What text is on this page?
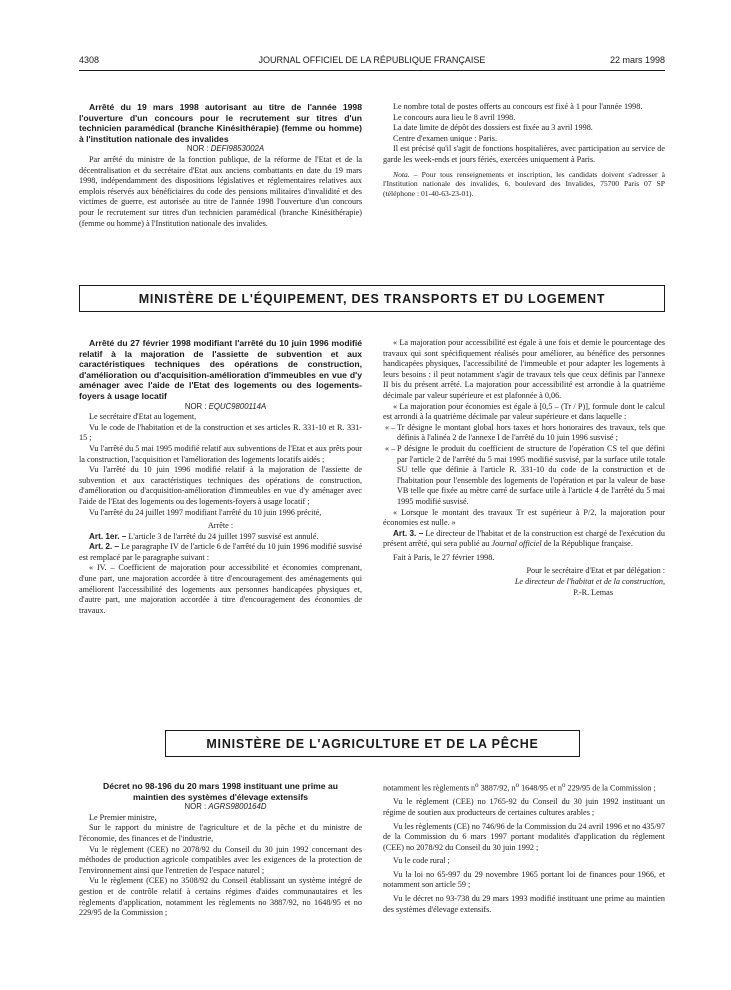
4308	JOURNAL OFFICIEL DE LA RÉPUBLIQUE FRANÇAISE	22 mars 1998

Arrêté du 19 mars 1998 autorisant au titre de l'année 1998 l'ouverture d'un concours pour le recrutement sur titres d'un technicien paramédical (branche Kinésithérapie) (femme ou homme) à l'institution nationale des invalides

NOR : DEFI9853002A

Par arrêté du ministre de la fonction publique, de la réforme de l'Etat et de la décentralisation et du secrétaire d'Etat aux anciens combattants en date du 19 mars 1998, indépendamment des dispositions législatives et réglementaires relatives aux emplois réservés aux bénéficiaires du code des pensions militaires d'invalidité et des victimes de guerre, est autorisée au titre de l'année 1998 l'ouverture d'un concours pour le recrutement sur titres d'un technicien paramédical (branche Kinésithérapie) (femme ou homme) à l'Institution nationale des invalides.

Le nombre total de postes offerts au concours est fixé à 1 pour l'année 1998.

Le concours aura lieu le 8 avril 1998.

La date limite de dépôt des dossiers est fixée au 3 avril 1998.

Centre d'examen unique : Paris.

Il est précisé qu'il s'agit de fonctions hospitalières, avec participation au service de garde les week-ends et jours fériés, exercées uniquement à Paris.

Nota. – Pour tous renseignements et inscription, les candidats doivent s'adresser à l'Institution nationale des invalides, 6, boulevard des Invalides, 75700 Paris 07 SP (téléphone : 01-40-63-23-01).

MINISTÈRE DE L'ÉQUIPEMENT, DES TRANSPORTS ET DU LOGEMENT

Arrêté du 27 février 1998 modifiant l'arrêté du 10 juin 1996 modifié relatif à la majoration de l'assiette de subvention et aux caractéristiques techniques des opérations de construction, d'amélioration ou d'acquisition-amélioration d'immeubles en vue d'y aménager avec l'aide de l'Etat des logements ou des logements-foyers à usage locatif

NOR : EQUC9800114A

Le secrétaire d'Etat au logement,

Vu le code de l'habitation et de la construction et ses articles R. 331-10 et R. 331-15 ;

Vu l'arrêté du 5 mai 1995 modifié relatif aux subventions de l'Etat et aux prêts pour la construction, l'acquisition et l'amélioration des logements locatifs aidés ;

Vu l'arrêté du 10 juin 1996 modifié relatif à la majoration de l'assiette de subvention et aux caractéristiques techniques des opérations de construction, d'amélioration ou d'acquisition-amélioration d'immeubles en vue d'y aménager avec l'aide de l'Etat des logements ou des logements-foyers à usage locatif ;

Vu l'arrêté du 24 juillet 1997 modifiant l'arrêté du 10 juin 1996 précité,

Arrête :

Art. 1er. – L'article 3 de l'arrêté du 24 juillet 1997 susvisé est annulé.

Art. 2. – Le paragraphe IV de l'article 6 de l'arrêté du 10 juin 1996 modifié susvisé est remplacé par le paragraphe suivant :

« IV. – Coefficient de majoration pour accessibilité et économies comprenant, d'une part, une majoration accordée à titre d'encouragement des aménagements qui améliorent l'accessibilité des logements aux personnes handicapées physiques et, d'autre part, une majoration accordée à titre d'encouragement des économies de travaux.

« La majoration pour accessibilité est égale à une fois et demie le pourcentage des travaux qui sont spécifiquement réalisés pour améliorer, au bénéfice des personnes handicapées physiques, l'accessibilité de l'immeuble et pour adapter les logements à leurs besoins : il peut notamment s'agir de travaux tels que ceux définis par l'annexe II bis du présent arrêté. La majoration pour accessibilité est arrondie à la quatrième décimale par valeur supérieure et est plafonnée à 0,06.

« La majoration pour économies est égale à [0,5 – (Tr / P)], formule dont le calcul est arrondi à la quatrième décimale par valeur supérieure et dans laquelle :

« – Tr désigne le montant global hors taxes et hors honoraires des travaux, tels que définis à l'alinéa 2 de l'annexe I de l'arrêté du 10 juin 1996 susvisé ;

« – P désigne le produit du coefficient de structure de l'opération CS tel que défini par l'article 2 de l'arrêté du 5 mai 1995 modifié susvisé, par la surface utile totale SU telle que définie à l'article R. 331-10 du code de la construction et de l'habitation pour l'ensemble des logements de l'opération et par la valeur de base VB telle que fixée au mètre carré de surface utile à l'article 4 de l'arrêté du 5 mai 1995 modifié susvisé.

« Lorsque le montant des travaux Tr est supérieur à P/2, la majoration pour économies est nulle. »

Art. 3. – Le directeur de l'habitat et de la construction est chargé de l'exécution du présent arrêté, qui sera publié au Journal officiel de la République française.

Fait à Paris, le 27 février 1998.

Pour le secrétaire d'Etat et par délégation :

Le directeur de l'habitat et de la construction,

P.-R. Lemas

MINISTÈRE DE L'AGRICULTURE ET DE LA PÊCHE

Décret no 98-196 du 20 mars 1998 instituant une prime au maintien des systèmes d'élevage extensifs

NOR : AGRS9800164D

Le Premier ministre,

Sur le rapport du ministre de l'agriculture et de la pêche et du ministre de l'économie, des finances et de l'industrie,

Vu le règlement (CEE) no 2078/92 du Conseil du 30 juin 1992 concernant des méthodes de production agricole compatibles avec les exigences de la protection de l'environnement ainsi que l'entretien de l'espace naturel ;

Vu le règlement (CEE) no 3508/92 du Conseil établissant un système intégré de gestion et de contrôle relatif à certains régimes d'aides communautaires et les règlements d'application, notamment les règlements no 3887/92, no 1648/95 et no 229/95 de la Commission ;

notamment les règlements $n^o$ 3887/92, $n^o$ 1648/95 et $n^o$ 229/95 de la Commission ;

Vu le règlement (CEE) no 1765-92 du Conseil du 30 juin 1992 instituant un régime de soutien aux producteurs de certaines cultures arables ;

Vu les règlements (CE) no 746/96 de la Commission du 24 avril 1996 et no 435/97 de la Commission du 6 mars 1997 portant modalités d'application du règlement (CEE) no 2078/92 du Conseil du 30 juin 1992 ;

Vu le code rural ;

Vu la loi no 65-997 du 29 novembre 1965 portant loi de finances pour 1966, et notamment son article 59 ;

Vu le décret no 93-738 du 29 mars 1993 modifié instituant une prime au maintien des systèmes d'élevage extensifs.
